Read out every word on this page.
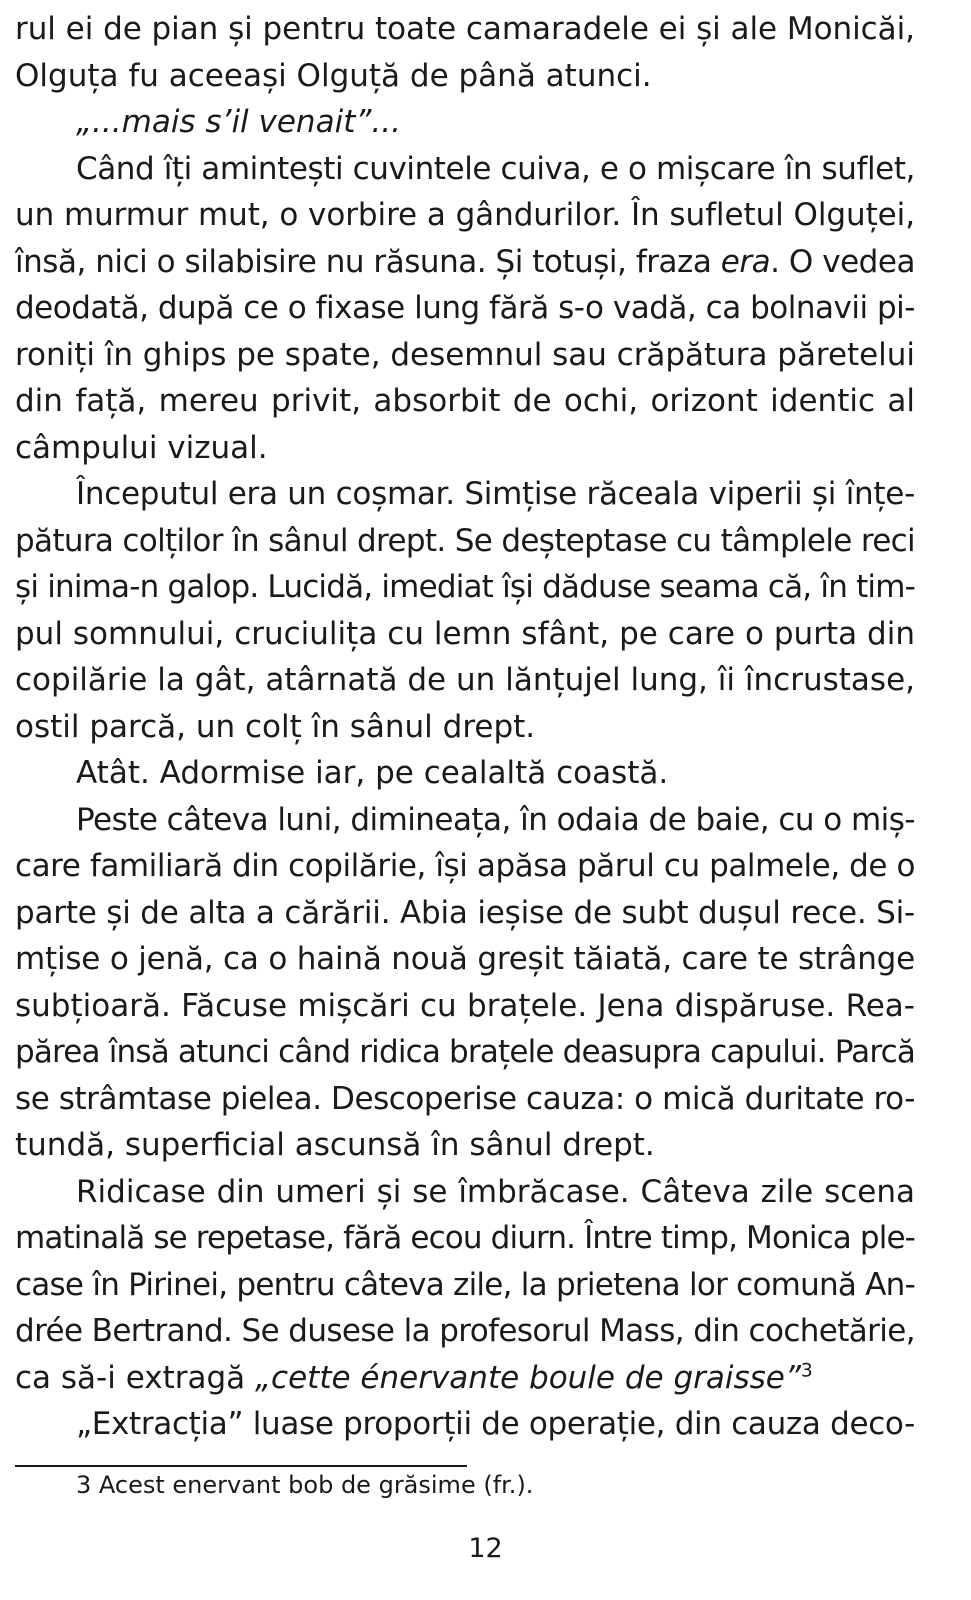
rul ei de pian și pentru toate camaradele ei și ale Monicăi,
Olguța fu aceeași Olguță de până atunci.
„...mais s’il venait”...
Când îți amintești cuvintele cuiva, e o mișcare în suflet,
un murmur mut, o vorbire a gândurilor. În sufletul Olguței,
însă, nici o silabisire nu răsuna. Și totuși, fraza era. O vedea
deodată, după ce o fixase lung fără s-o vadă, ca bolnavii pi-
roniți în ghips pe spate, desemnul sau crăpătura păretelui
din față, mereu privit, absorbit de ochi, orizont identic al
câmpului vizual.
Începutul era un coșmar. Simțise răceala viperii și înțe-
pătura colților în sânul drept. Se deșteptase cu tâmplele reci
și inima-n galop. Lucidă, imediat își dăduse seama că, în tim-
pul somnului, cruciulița cu lemn sfânt, pe care o purta din
copilărie la gât, atârnată de un lănțujel lung, îi încrustase,
ostil parcă, un colț în sânul drept.
Atât. Adormise iar, pe cealaltă coastă.
Peste câteva luni, dimineața, în odaia de baie, cu o miș-
care familiară din copilărie, își apăsa părul cu palmele, de o
parte și de alta a cărării. Abia ieșise de subt dușul rece. Si-
mțise o jenă, ca o haină nouă greșit tăiată, care te strânge
subțioară. Făcuse mișcări cu brațele. Jena dispăruse. Rea-
părea însă atunci când ridica brațele deasupra capului. Parcă
se strâmtase pielea. Descoperise cauza: o mică duritate ro-
tundă, superficial ascunsă în sânul drept.
Ridicase din umeri și se îmbrăcase. Câteva zile scena
matinală se repetase, fără ecou diurn. Între timp, Monica ple-
case în Pirinei, pentru câteva zile, la prietena lor comună An-
drée Bertrand. Se dusese la profesorul Mass, din cochetărie,
ca să-i extragă „cette énervante boule de graisse”$^3$
„Extracția” luase proporții de operație, din cauza deco-
3 Acest enervant bob de grăsime (fr.).
12
